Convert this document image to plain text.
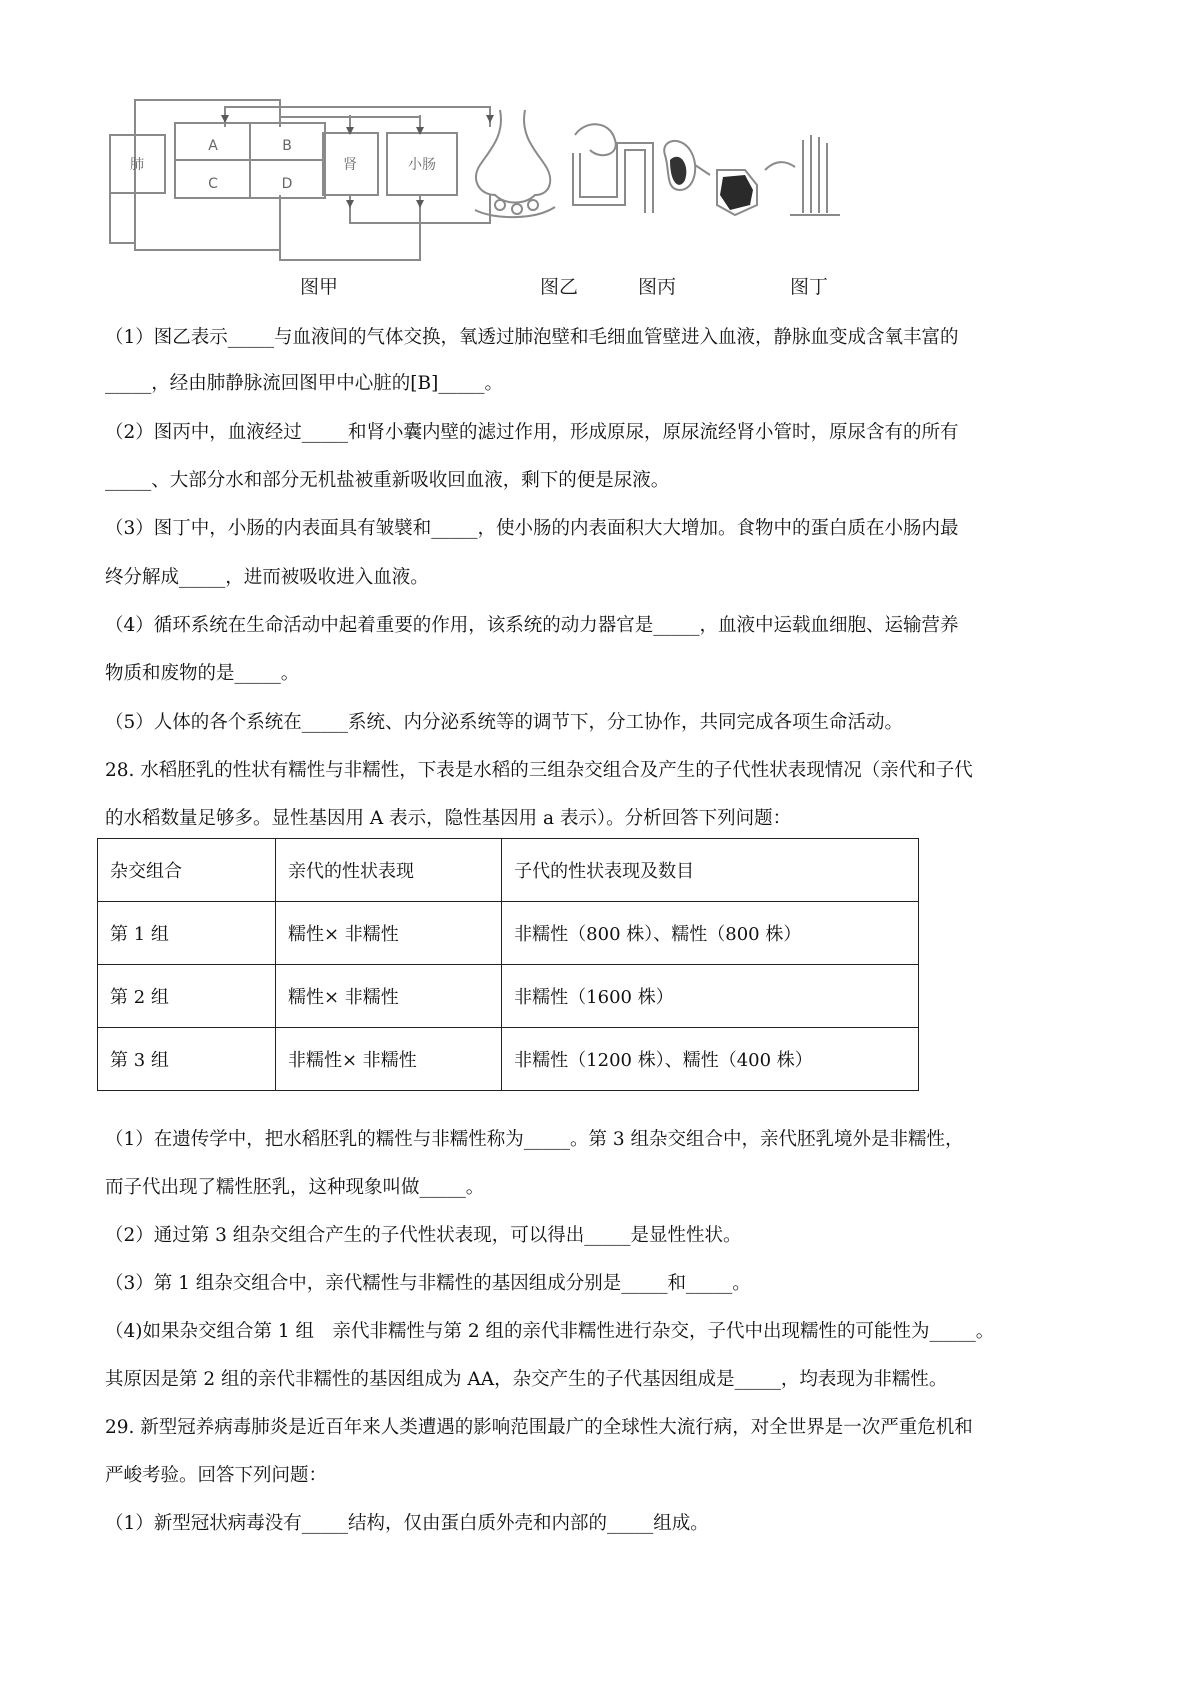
肺
A
C
B
D
肾	小肠
图甲	图乙	图丙	图丁
（1）图乙表示_____与血液间的气体交换，氧透过肺泡壁和毛细血管壁进入血液，静脉血变成含氧丰富的
_____，经由肺静脉流回图甲中心脏的[B]_____。
（2）图丙中，血液经过_____和肾小囊内壁的滤过作用，形成原尿，原尿流经肾小管时，原尿含有的所有
_____、大部分水和部分无机盐被重新吸收回血液，剩下的便是尿液。
（3）图丁中，小肠的内表面具有皱襞和_____，使小肠的内表面积大大增加。食物中的蛋白质在小肠内最
终分解成_____，进而被吸收进入血液。
（4）循环系统在生命活动中起着重要的作用，该系统的动力器官是_____，血液中运载血细胞、运输营养
物质和废物的是_____。
（5）人体的各个系统在_____系统、内分泌系统等的调节下，分工协作，共同完成各项生命活动。
28. 水稻胚乳的性状有糯性与非糯性，下表是水稻的三组杂交组合及产生的子代性状表现情况（亲代和子代
的水稻数量足够多。显性基因用 A 表示，隐性基因用 a 表示）。分析回答下列问题：
杂交组合	亲代的性状表现	子代的性状表现及数目
第 1 组	糯性× 非糯性	非糯性（800 株）、糯性（800 株）
第 2 组	糯性× 非糯性	非糯性（1600 株）
第 3 组	非糯性× 非糯性	非糯性（1200 株）、糯性（400 株）
（1）在遗传学中，把水稻胚乳的糯性与非糯性称为_____。第 3 组杂交组合中，亲代胚乳境外是非糯性，
而子代出现了糯性胚乳，这种现象叫做_____。
（2）通过第 3 组杂交组合产生的子代性状表现，可以得出_____是显性性状。
（3）第 1 组杂交组合中，亲代糯性与非糯性的基因组成分别是_____和_____。
（4)如果杂交组合第 1 组　亲代非糯性与第 2 组的亲代非糯性进行杂交，子代中出现糯性的可能性为_____。
其原因是第 2 组的亲代非糯性的基因组成为 AA，杂交产生的子代基因组成是_____，均表现为非糯性。
29. 新型冠养病毒肺炎是近百年来人类遭遇的影响范围最广的全球性大流行病，对全世界是一次严重危机和
严峻考验。回答下列问题：
（1）新型冠状病毒没有_____结构，仅由蛋白质外壳和内部的_____组成。
